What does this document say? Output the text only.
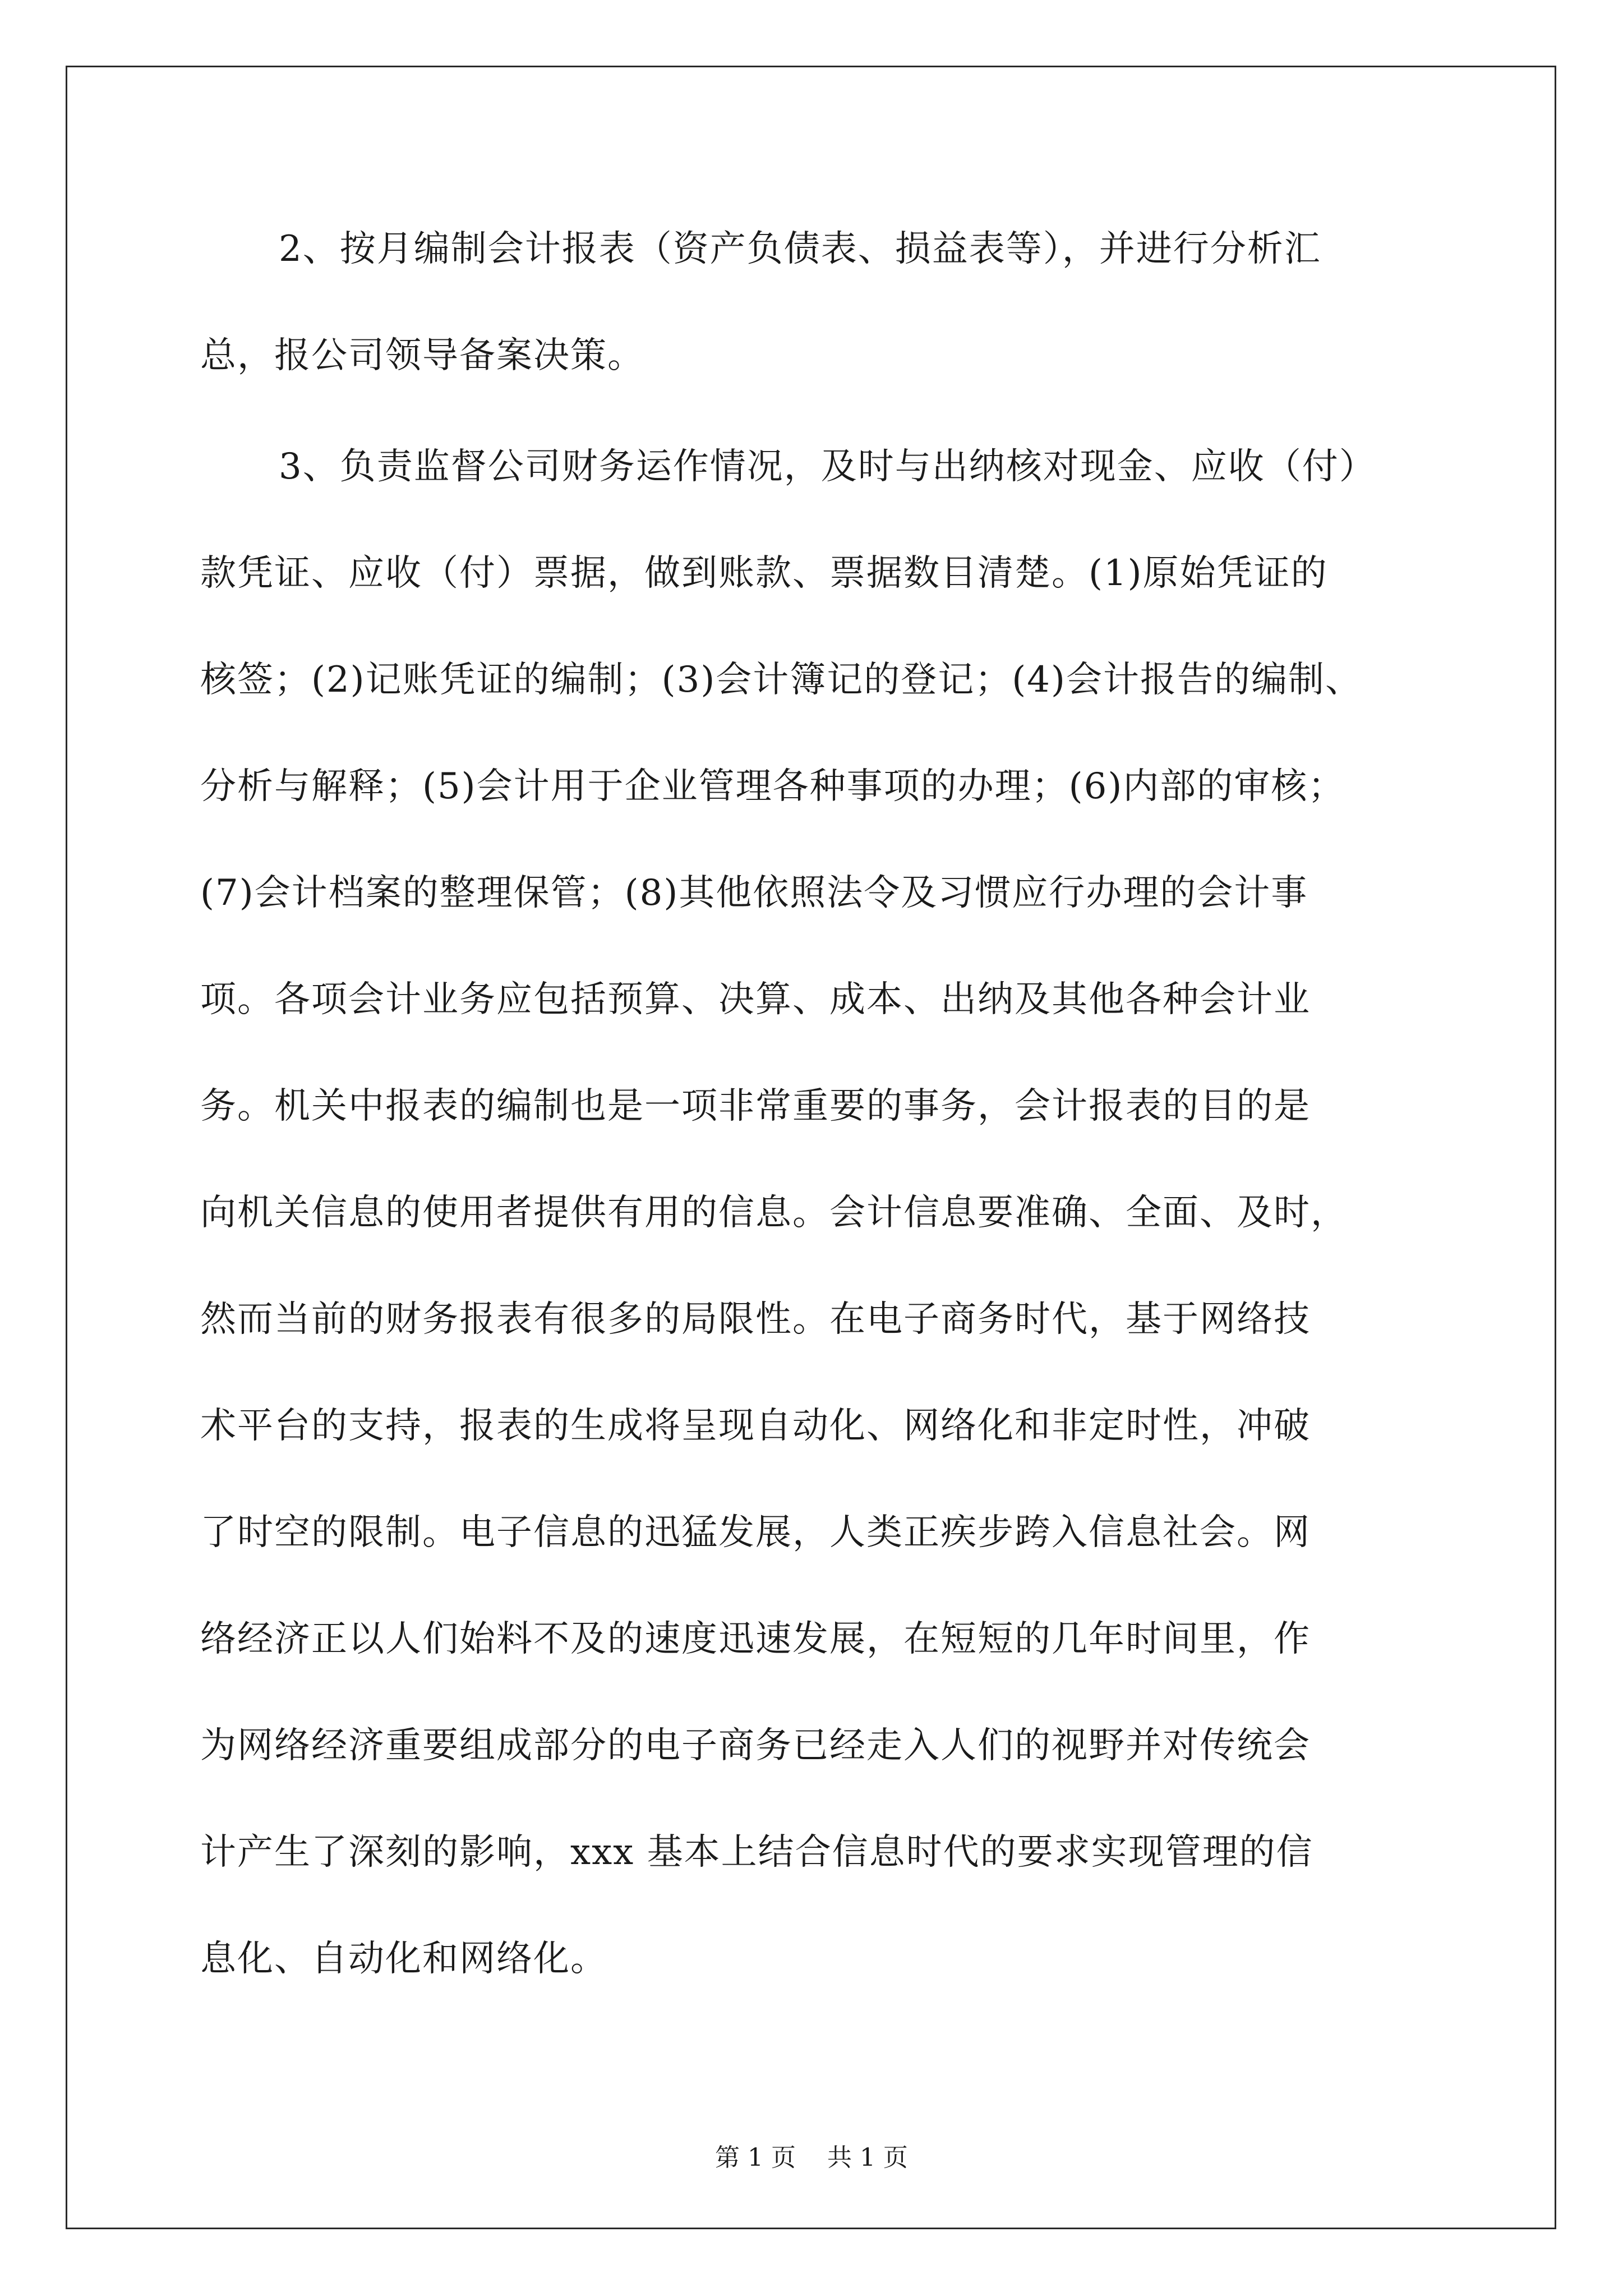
2、按月编制会计报表（资产负债表、损益表等），并进行分析汇

总，报公司领导备案决策。

3、负责监督公司财务运作情况，及时与出纳核对现金、应收（付）

款凭证、应收（付）票据，做到账款、票据数目清楚。(1)原始凭证的

核签；(2)记账凭证的编制；(3)会计簿记的登记；(4)会计报告的编制、

分析与解释；(5)会计用于企业管理各种事项的办理；(6)内部的审核；

(7)会计档案的整理保管；(8)其他依照法令及习惯应行办理的会计事

项。各项会计业务应包括预算、决算、成本、出纳及其他各种会计业

务。机关中报表的编制也是一项非常重要的事务，会计报表的目的是

向机关信息的使用者提供有用的信息。会计信息要准确、全面、及时，

然而当前的财务报表有很多的局限性。在电子商务时代，基于网络技

术平台的支持，报表的生成将呈现自动化、网络化和非定时性，冲破

了时空的限制。电子信息的迅猛发展，人类正疾步跨入信息社会。网

络经济正以人们始料不及的速度迅速发展，在短短的几年时间里，作

为网络经济重要组成部分的电子商务已经走入人们的视野并对传统会

计产生了深刻的影响，xxx 基本上结合信息时代的要求实现管理的信

息化、自动化和网络化。

第 1 页    共 1 页
